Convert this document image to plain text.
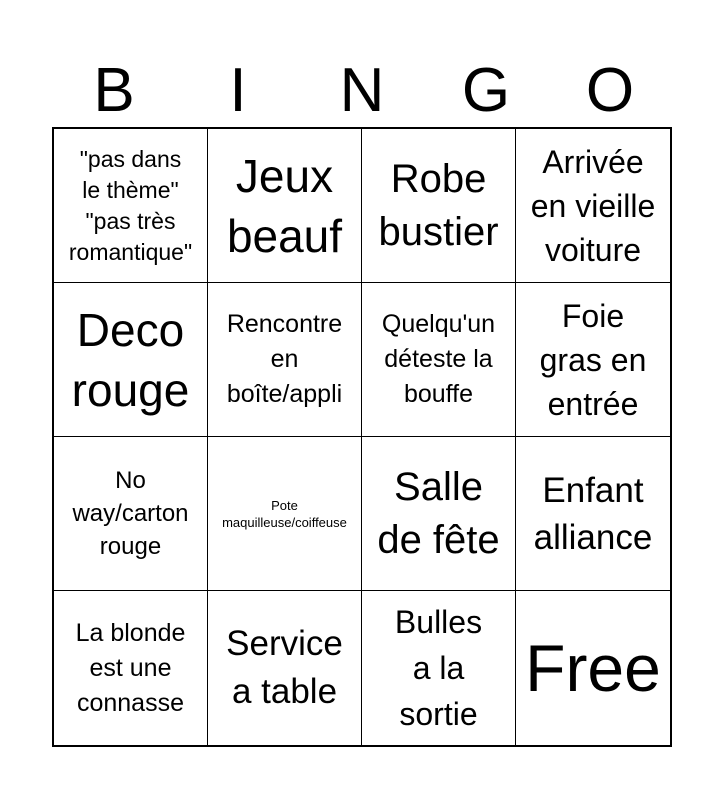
B	I	N	G	O
"pas dans
le thème"
"pas très
romantique"
Jeux
beauf
Robe
bustier
Arrivée
en vieille
voiture
Deco
rouge
Rencontre
en
boîte/appli
Quelqu'un
déteste la
bouffe
Foie
gras en
entrée
No
way/carton
rouge
Pote
maquilleuse/coiffeuse
Salle
de fête
Enfant
alliance
La blonde
est une
connasse
Service
a table
Bulles
a la
sortie
Free
